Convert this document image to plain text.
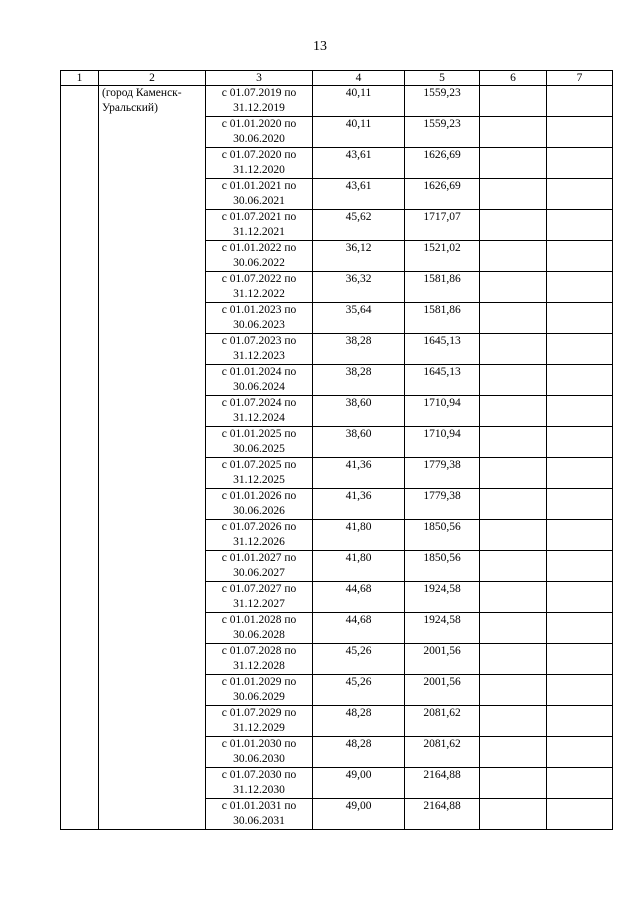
13
1	2	3	4	5	6	7
	(город Каменск-Уральский)	с 01.07.2019 по 31.12.2019	40,11	1559,23		
		с 01.01.2020 по 30.06.2020	40,11	1559,23		
		с 01.07.2020 по 31.12.2020	43,61	1626,69		
		с 01.01.2021 по 30.06.2021	43,61	1626,69		
		с 01.07.2021 по 31.12.2021	45,62	1717,07		
		с 01.01.2022 по 30.06.2022	36,12	1521,02		
		с 01.07.2022 по 31.12.2022	36,32	1581,86		
		с 01.01.2023 по 30.06.2023	35,64	1581,86		
		с 01.07.2023 по 31.12.2023	38,28	1645,13		
		с 01.01.2024 по 30.06.2024	38,28	1645,13		
		с 01.07.2024 по 31.12.2024	38,60	1710,94		
		с 01.01.2025 по 30.06.2025	38,60	1710,94		
		с 01.07.2025 по 31.12.2025	41,36	1779,38		
		с 01.01.2026 по 30.06.2026	41,36	1779,38		
		с 01.07.2026 по 31.12.2026	41,80	1850,56		
		с 01.01.2027 по 30.06.2027	41,80	1850,56		
		с 01.07.2027 по 31.12.2027	44,68	1924,58		
		с 01.01.2028 по 30.06.2028	44,68	1924,58		
		с 01.07.2028 по 31.12.2028	45,26	2001,56		
		с 01.01.2029 по 30.06.2029	45,26	2001,56		
		с 01.07.2029 по 31.12.2029	48,28	2081,62		
		с 01.01.2030 по 30.06.2030	48,28	2081,62		
		с 01.07.2030 по 31.12.2030	49,00	2164,88		
		с 01.01.2031 по 30.06.2031	49,00	2164,88		
